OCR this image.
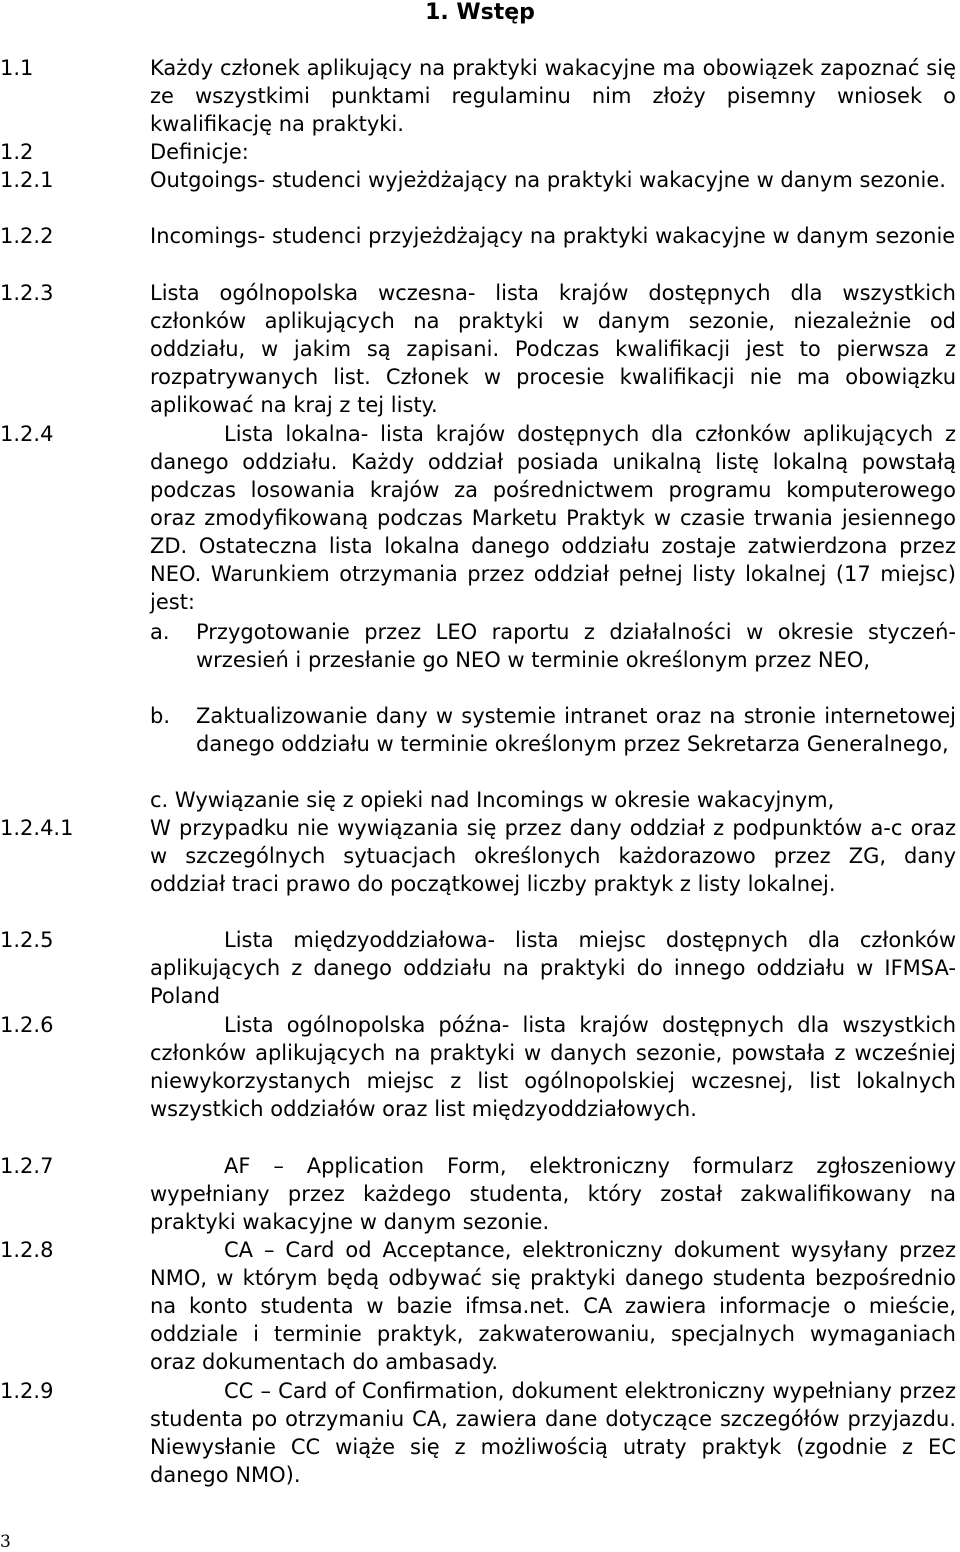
1. Wstęp
1.1	Każdy członek aplikujący na praktyki wakacyjne ma obowiązek zapoznać się ze wszystkimi punktami regulaminu nim złoży pisemny wniosek o kwalifikację na praktyki.

1.2	Definicje:

1.2.1	Outgoings- studenci wyjeżdżający na praktyki wakacyjne w danym sezonie.

1.2.2	Incomings- studenci przyjeżdżający na praktyki wakacyjne w danym sezonie

1.2.3	Lista ogólnopolska wczesna- lista krajów dostępnych dla wszystkich członków aplikujących na praktyki w danym sezonie, niezależnie od oddziału, w jakim są zapisani. Podczas kwalifikacji jest to pierwsza z rozpatrywanych list. Członek w procesie kwalifikacji nie ma obowiązku aplikować na kraj z tej listy.

1.2.4	Lista lokalna- lista krajów dostępnych dla członków aplikujących z danego oddziału. Każdy oddział posiada unikalną listę lokalną powstałą podczas losowania krajów za pośrednictwem programu komputerowego oraz zmodyfikowaną podczas Marketu Praktyk w czasie trwania jesiennego ZD. Ostateczna lista lokalna danego oddziału zostaje zatwierdzona przez NEO. Warunkiem otrzymania przez oddział pełnej listy lokalnej (17 miejsc) jest:

a. Przygotowanie przez LEO raportu z działalności w okresie styczeń-wrzesień i przesłanie go NEO w terminie określonym przez NEO,

b. Zaktualizowanie dany w systemie intranet oraz na stronie internetowej danego oddziału w terminie określonym przez Sekretarza Generalnego,

c. Wywiązanie się z opieki nad Incomings w okresie wakacyjnym,

1.2.4.1	W przypadku nie wywiązania się przez dany oddział z podpunktów a-c oraz w szczególnych sytuacjach określonych każdorazowo przez ZG, dany oddział traci prawo do początkowej liczby praktyk z listy lokalnej.

1.2.5	Lista międzyoddziałowa- lista miejsc dostępnych dla członków aplikujących z danego oddziału na praktyki do innego oddziału w IFMSA-Poland

1.2.6	Lista ogólnopolska późna- lista krajów dostępnych dla wszystkich członków aplikujących na praktyki w danych sezonie, powstała z wcześniej niewykorzystanych miejsc z list ogólnopolskiej wczesnej, list lokalnych wszystkich oddziałów oraz list międzyoddziałowych.

1.2.7	AF – Application Form, elektroniczny formularz zgłoszeniowy wypełniany przez każdego studenta, który został zakwalifikowany na praktyki wakacyjne w danym sezonie.

1.2.8	CA – Card od Acceptance, elektroniczny dokument wysyłany przez NMO, w którym będą odbywać się praktyki danego studenta bezpośrednio na konto studenta w bazie ifmsa.net. CA zawiera informacje o mieście, oddziale i terminie praktyk, zakwaterowaniu, specjalnych wymaganiach oraz dokumentach do ambasady.

1.2.9	CC – Card of Confirmation, dokument elektroniczny wypełniany przez studenta po otrzymaniu CA, zawiera dane dotyczące szczegółów przyjazdu. Niewysłanie CC wiąże się z możliwością utraty praktyk (zgodnie z EC danego NMO).

3
